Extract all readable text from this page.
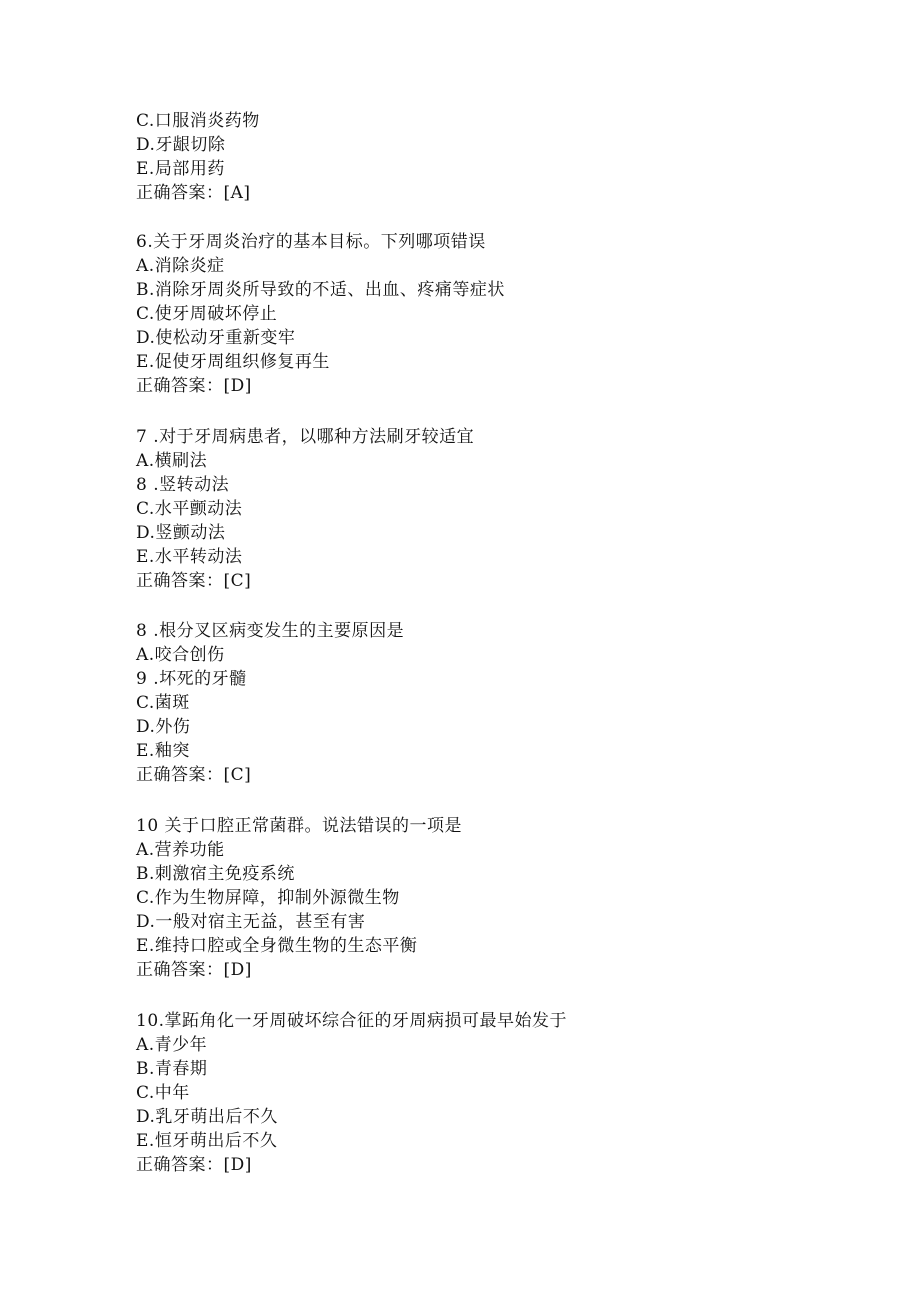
C.口服消炎药物
D.牙龈切除
E.局部用药
正确答案：[A]
6.关于牙周炎治疗的基本目标。下列哪项错误
A.消除炎症
B.消除牙周炎所导致的不适、出血、疼痛等症状
C.使牙周破坏停止
D.使松动牙重新变牢
E.促使牙周组织修复再生
正确答案：[D]
7 .对于牙周病患者，以哪种方法刷牙较适宜
A.横刷法
8 .竖转动法
C.水平颤动法
D.竖颤动法
E.水平转动法
正确答案：[C]
8 .根分叉区病变发生的主要原因是
A.咬合创伤
9 .坏死的牙髓
C.菌斑
D.外伤
E.釉突
正确答案：[C]
10 关于口腔正常菌群。说法错误的一项是
A.营养功能
B.刺激宿主免疫系统
C.作为生物屏障，抑制外源微生物
D.一般对宿主无益，甚至有害
E.维持口腔或全身微生物的生态平衡
正确答案：[D]
10.掌跖角化一牙周破坏综合征的牙周病损可最早始发于
A.青少年
B.青春期
C.中年
D.乳牙萌出后不久
E.恒牙萌出后不久
正确答案：[D]
